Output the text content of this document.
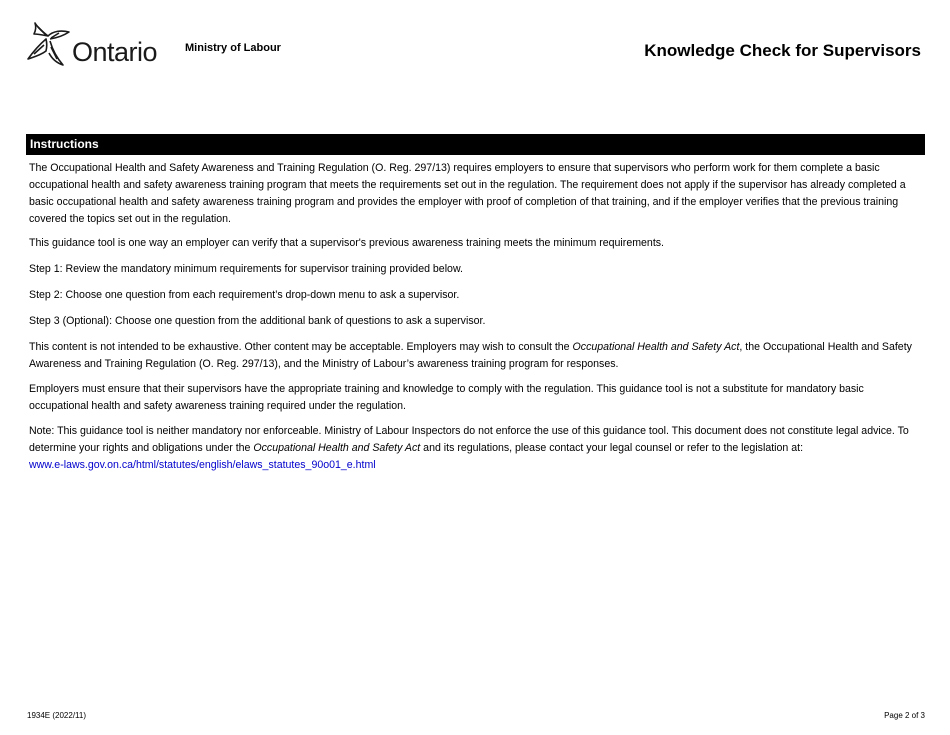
Ontario	Ministry of Labour	Knowledge Check for Supervisors
Instructions

The Occupational Health and Safety Awareness and Training Regulation (O. Reg. 297/13) requires employers to ensure that supervisors who perform work for them complete a basic occupational health and safety awareness training program that meets the requirements set out in the regulation. The requirement does not apply if the supervisor has already completed a basic occupational health and safety awareness training program and provides the employer with proof of completion of that training, and if the employer verifies that the previous training covered the topics set out in the regulation.

This guidance tool is one way an employer can verify that a supervisor's previous awareness training meets the minimum requirements.

Step 1: Review the mandatory minimum requirements for supervisor training provided below.

Step 2: Choose one question from each requirement’s drop-down menu to ask a supervisor.

Step 3 (Optional): Choose one question from the additional bank of questions to ask a supervisor.

This content is not intended to be exhaustive. Other content may be acceptable. Employers may wish to consult the Occupational Health and Safety Act, the Occupational Health and Safety Awareness and Training Regulation (O. Reg. 297/13), and the Ministry of Labour’s awareness training program for responses.

Employers must ensure that their supervisors have the appropriate training and knowledge to comply with the regulation. This guidance tool is not a substitute for mandatory basic occupational health and safety awareness training required under the regulation.

Note: This guidance tool is neither mandatory nor enforceable. Ministry of Labour Inspectors do not enforce the use of this guidance tool. This document does not constitute legal advice. To determine your rights and obligations under the Occupational Health and Safety Act and its regulations, please contact your legal counsel or refer to the legislation at:
www.e-laws.gov.on.ca/html/statutes/english/elaws_statutes_90o01_e.html

1934E (2022/11)	Page 2 of 3
